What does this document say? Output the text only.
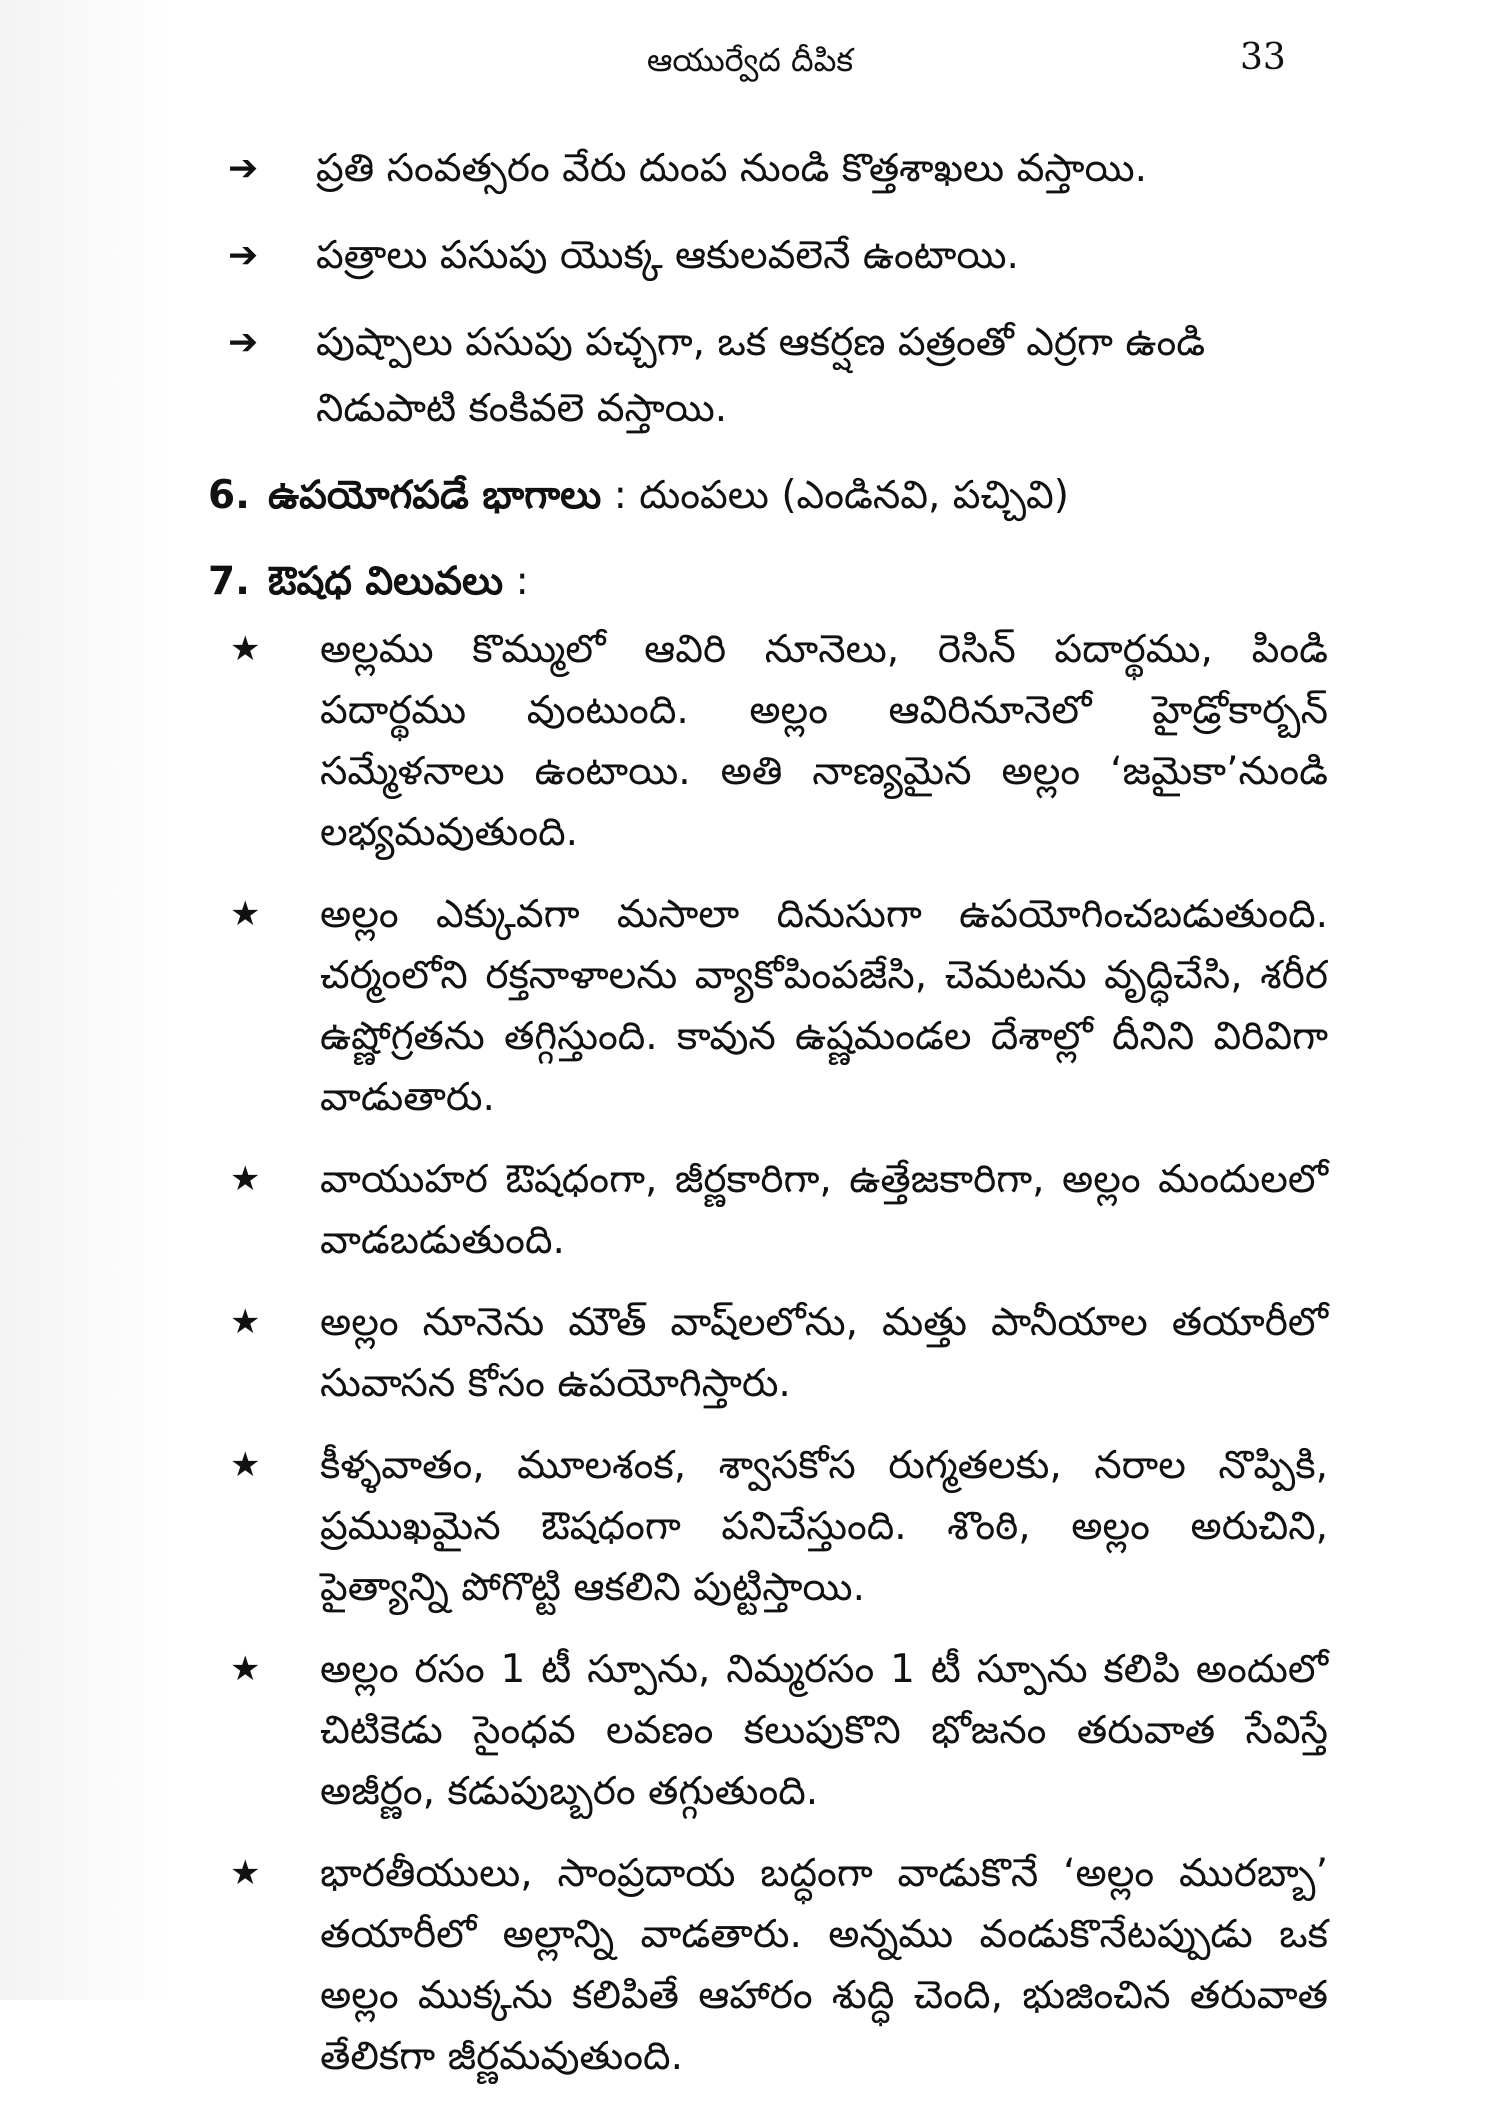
ఆయుర్వేద దీపిక	33
➔	ప్రతి సంవత్సరం వేరు దుంప నుండి కొత్తశాఖలు వస్తాయి.
➔	పత్రాలు పసుపు యొక్క ఆకులవలెనే ఉంటాయి.
➔	పుష్పాలు పసుపు పచ్చగా, ఒక ఆకర్షణ పత్రంతో ఎర్రగా ఉండి నిడుపాటి కంకివలె వస్తాయి.
6. ఉపయోగపడే భాగాలు : దుంపలు (ఎండినవి, పచ్చివి)
7. ఔషధ విలువలు :
★	అల్లము కొమ్ములో ఆవిరి నూనెలు, రెసిన్ పదార్థము, పిండి పదార్థము వుంటుంది. అల్లం ఆవిరినూనెలో హైడ్రోకార్బన్ సమ్మేళనాలు ఉంటాయి. అతి నాణ్యమైన అల్లం ‘జమైకా’నుండి లభ్యమవుతుంది.
★	అల్లం ఎక్కువగా మసాలా దినుసుగా ఉపయోగించబడుతుంది. చర్మంలోని రక్తనాళాలను వ్యాకోపింపజేసి, చెమటను వృద్ధిచేసి, శరీర ఉష్ణోగ్రతను తగ్గిస్తుంది. కావున ఉష్ణమండల దేశాల్లో దీనిని విరివిగా వాడుతారు.
★	వాయుహర ఔషధంగా, జీర్ణకారిగా, ఉత్తేజకారిగా, అల్లం మందులలో వాడబడుతుంది.
★	అల్లం నూనెను మౌత్ వాష్‌లలోను, మత్తు పానీయాల తయారీలో సువాసన కోసం ఉపయోగిస్తారు.
★	కీళ్ళవాతం, మూలశంక, శ్వాసకోస రుగ్మతలకు, నరాల నొప్పికి, ప్రముఖమైన ఔషధంగా పనిచేస్తుంది. శొంఠి, అల్లం అరుచిని, పైత్యాన్ని పోగొట్టి ఆకలిని పుట్టిస్తాయి.
★	అల్లం రసం 1 టీ స్పూను, నిమ్మరసం 1 టీ స్పూను కలిపి అందులో చిటికెడు సైంధవ లవణం కలుపుకొని భోజనం తరువాత సేవిస్తే అజీర్ణం, కడుపుబ్బరం తగ్గుతుంది.
★	భారతీయులు, సాంప్రదాయ బద్ధంగా వాడుకొనే ‘అల్లం మురబ్బా’ తయారీలో అల్లాన్ని వాడతారు. అన్నము వండుకొనేటప్పుడు ఒక అల్లం ముక్కను కలిపితే ఆహారం శుద్ధి చెంది, భుజించిన తరువాత తేలికగా జీర్ణమవుతుంది.
